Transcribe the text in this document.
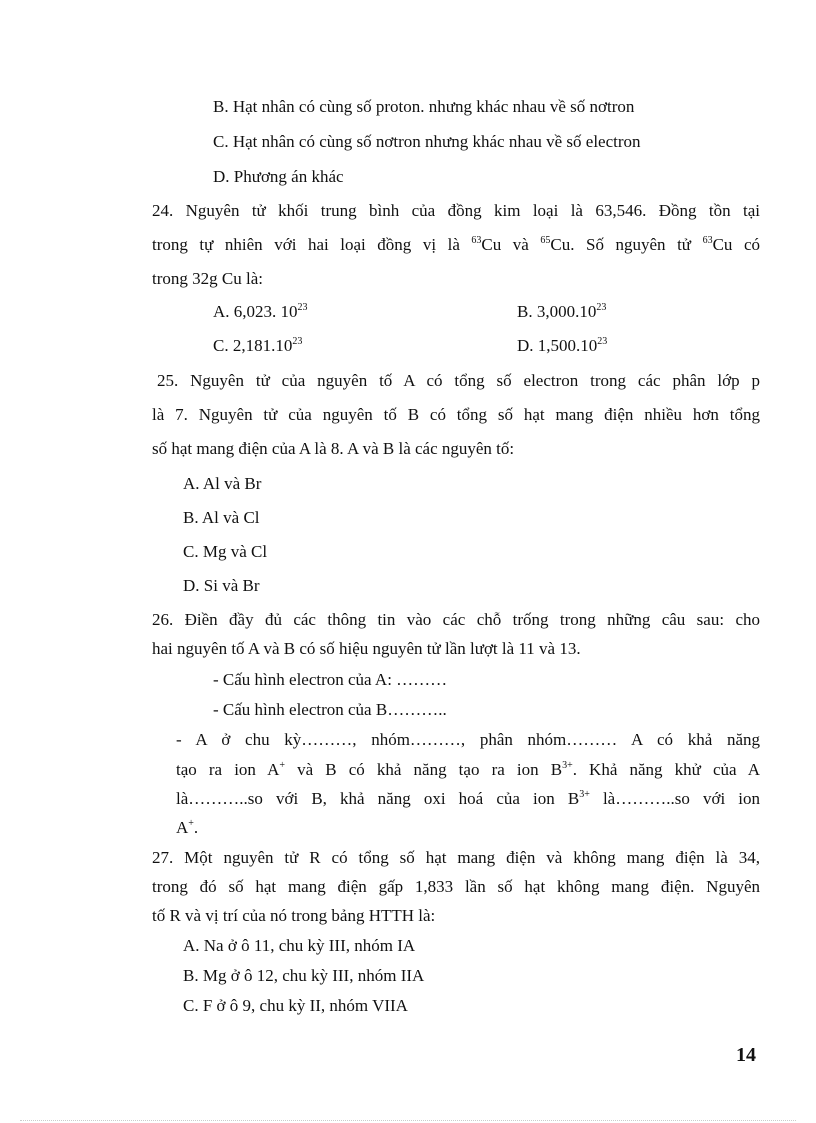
B. Hạt nhân có cùng số proton. nhưng khác nhau về số nơtron
C. Hạt nhân có cùng số nơtron nhưng khác nhau về số electron
D. Phương án khác
24. Nguyên tử khối trung bình của đồng kim loại là 63,546. Đồng tồn tại
trong tự nhiên với hai loại đồng vị là $^{63}$Cu và $^{65}$Cu. Số nguyên tử $^{63}$Cu có
trong 32g Cu là:
A. 6,023. $10^{23}$	B. 3,000.10$^{23}$
C. 2,181.10$^{23}$	D. 1,500.10$^{23}$
25. Nguyên tử của nguyên tố A có tổng số electron trong các phân lớp p
là 7. Nguyên tử của nguyên tố B có tổng số hạt mang điện nhiều hơn tổng
số hạt mang điện của A là 8. A và B là các nguyên tố:
A. Al và Br
B. Al và Cl
C. Mg và Cl
D. Si và Br
26. Điền đầy đủ các thông tin vào các chỗ trống trong những câu sau: cho
hai nguyên tố A và B có số hiệu nguyên tử lần lượt là 11 và 13.
- Cấu hình electron của A: ………
- Cấu hình electron của B………..
- A ở chu kỳ………, nhóm………, phân nhóm……… A có khả năng
tạo ra ion A+ và B có khả năng tạo ra ion $B^{3+}$. Khả năng khử của A
là………..so với B, khả năng oxi hoá của ion $B^{3+}$ là………..so với ion
A+.
27. Một nguyên tử R có tổng số hạt mang điện và không mang điện là 34,
trong đó số hạt mang điện gấp 1,833 lần số hạt không mang điện. Nguyên
tố R và vị trí của nó trong bảng HTTH là:
A. Na ở ô 11, chu kỳ III, nhóm IA
B. Mg ở ô 12, chu kỳ III, nhóm IIA
C. F ở ô 9, chu kỳ II, nhóm VIIA
14
